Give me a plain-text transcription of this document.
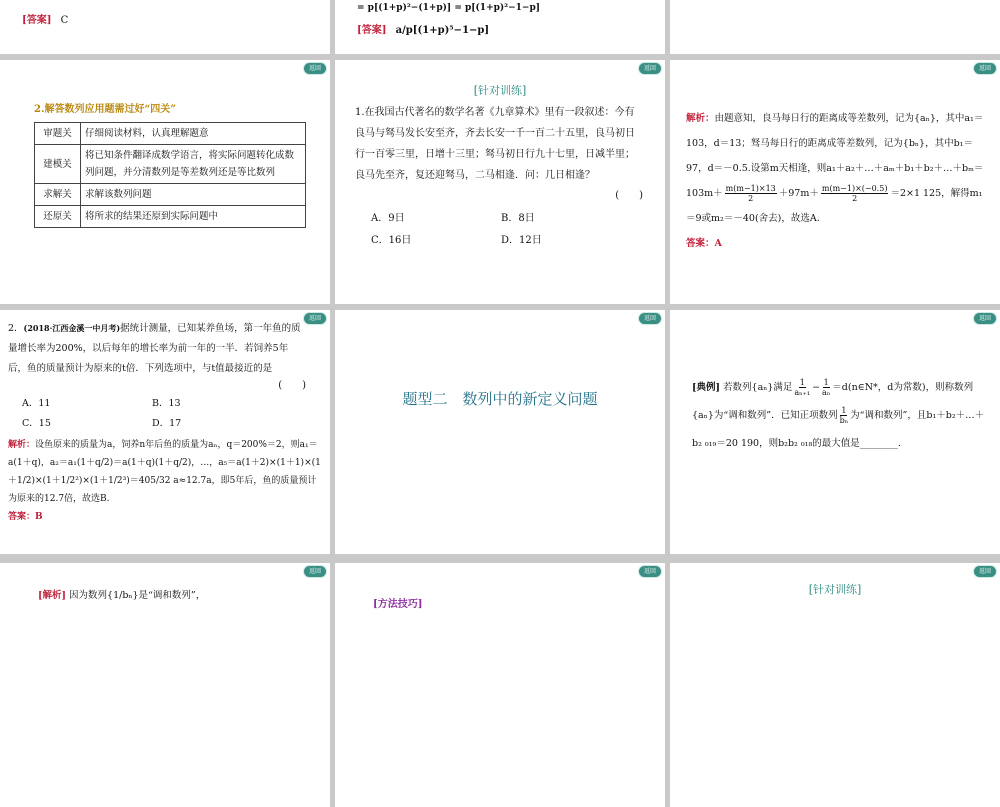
[答案] C
= p[(1+p)²−(1+p)] = p[(1+p)²−1−p]
[答案] a/p[(1+p)⁵−1−p]
返回
2.解答数列应用题需过好“四关”
审题关	仔细阅读材料，认真理解题意
建模关	将已知条件翻译成数学语言，将实际问题转化成数列问题，并分清数列是等差数列还是等比数列
求解关	求解该数列问题
还原关	将所求的结果还原到实际问题中
返回
[针对训练]
1.在我国古代著名的数学名著《九章算术》里有一段叙述：今有良马与驽马发长安至齐，齐去长安一千一百二十五里，良马初日行一百零三里，日增十三里；驽马初日行九十七里，日减半里；良马先至齐，复还迎驽马，二马相逢．问：几日相逢？
(　　)
A．9日	B．8日
C．16日	D．12日
返回
解析：由题意知，良马每日行的距离成等差数列，记为{aₙ}，其中a₁＝103，d＝13；驽马每日行的距离成等差数列，记为{bₙ}，其中b₁＝97，d＝－0.5.设第m天相逢，则a₁＋a₂＋…＋aₘ＋b₁＋b₂＋…＋bₘ＝103m＋ $\frac{m(m-1)\times 13}{2} +97m+ \frac{m(m-1)\times(-0.5)}{2} =2\times 1$ 125，解得m₁＝9或m₂＝－40(舍去)，故选A.
答案：A
返回
2．(2018·江西金溪一中月考)据统计测量，已知某养鱼场，第一年鱼的质量增长率为200%，以后每年的增长率为前一年的一半．若饲养5年后，鱼的质量预计为原来的t倍．下列选项中，与t值最接近的是
(　　)
A．11	B．13
C．15	D．17
解析：设鱼原来的质量为a，饲养n年后鱼的质量为aₙ，q＝200%＝2，则a₁＝a(1＋q)，a₂＝a₁(1＋q/2)＝a(1＋q)(1＋q/2)，…，a₅＝a(1＋2)×(1＋1)×(1＋1/2)×(1＋1/2²)×(1＋1/2³)＝405/32 a≈12.7a，即5年后，鱼的质量预计为原来的12.7倍，故选B.
答案：B
返回
题型二　数列中的新定义问题
返回
[典例] 若数列{aₙ}满足 $\frac{1}{\text{aₙ₊₁}} - \frac{1}{\text{aₙ}}$ ＝d(n∈N*，d为常数)，则称数列{aₙ}为“调和数列”．已知正项数列 $\frac{1}{\text{bₙ}}$ 为“调和数列”，且b₁＋b₂＋…＋b₂ ₀₁₉＝20 190，则b₂b₂ ₀₁₈的最大值是________.
返回
[解析] 因为数列{1/bₙ}是“调和数列”，
返回
[方法技巧]
返回
[针对训练]
